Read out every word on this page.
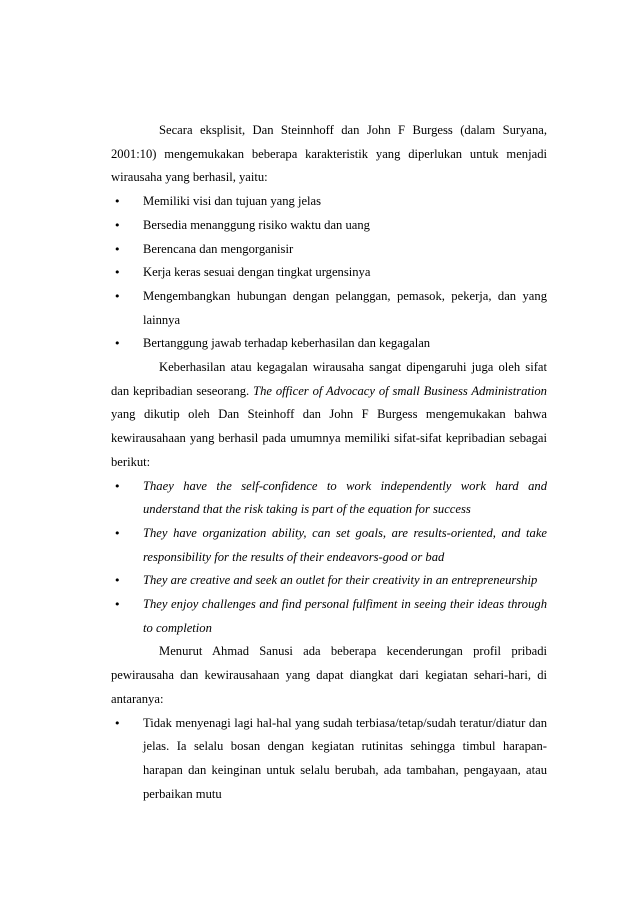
Secara eksplisit, Dan Steinnhoff dan John F Burgess (dalam Suryana, 2001:10) mengemukakan beberapa karakteristik yang diperlukan untuk menjadi wirausaha yang berhasil, yaitu:

• Memiliki visi dan tujuan yang jelas
• Bersedia menanggung risiko waktu dan uang
• Berencana dan mengorganisir
• Kerja keras sesuai dengan tingkat urgensinya
• Mengembangkan hubungan dengan pelanggan, pemasok, pekerja, dan yang lainnya
• Bertanggung jawab terhadap keberhasilan dan kegagalan

Keberhasilan atau kegagalan wirausaha sangat dipengaruhi juga oleh sifat dan kepribadian seseorang. The officer of Advocacy of small Business Administration yang dikutip oleh Dan Steinhoff dan John F Burgess mengemukakan bahwa kewirausahaan yang berhasil pada umumnya memiliki sifat-sifat kepribadian sebagai berikut:

• Thaey have the self-confidence to work independently work hard and understand that the risk taking is part of the equation for success
• They have organization ability, can set goals, are results-oriented, and take responsibility for the results of their endeavors-good or bad
• They are creative and seek an outlet for their creativity in an entrepreneurship
• They enjoy challenges and find personal fulfiment in seeing their ideas through to completion

Menurut Ahmad Sanusi ada beberapa kecenderungan profil pribadi pewirausaha dan kewirausahaan yang dapat diangkat dari kegiatan sehari-hari, di antaranya:

• Tidak menyenagi lagi hal-hal yang sudah terbiasa/tetap/sudah teratur/diatur dan jelas. Ia selalu bosan dengan kegiatan rutinitas sehingga timbul harapan-harapan dan keinginan untuk selalu berubah, ada tambahan, pengayaan, atau perbaikan mutu
